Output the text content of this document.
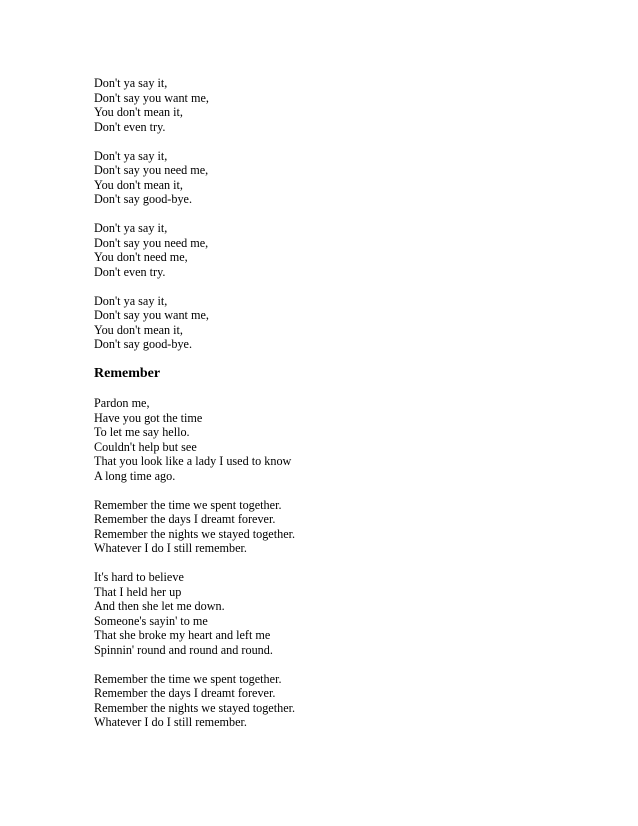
Don't ya say it,
Don't say you want me,
You don't mean it,
Don't even try.
Don't ya say it,
Don't say you need me,
You don't mean it,
Don't say good-bye.
Don't ya say it,
Don't say you need me,
You don't need me,
Don't even try.
Don't ya say it,
Don't say you want me,
You don't mean it,
Don't say good-bye.
Remember
Pardon me,
Have you got the time
To let me say hello.
Couldn't help but see
That you look like a lady I used to know
A long time ago.
Remember the time we spent together.
Remember the days I dreamt forever.
Remember the nights we stayed together.
Whatever I do I still remember.
It's hard to believe
That I held her up
And then she let me down.
Someone's sayin' to me
That she broke my heart and left me
Spinnin' round and round and round.
Remember the time we spent together.
Remember the days I dreamt forever.
Remember the nights we stayed together.
Whatever I do I still remember.
